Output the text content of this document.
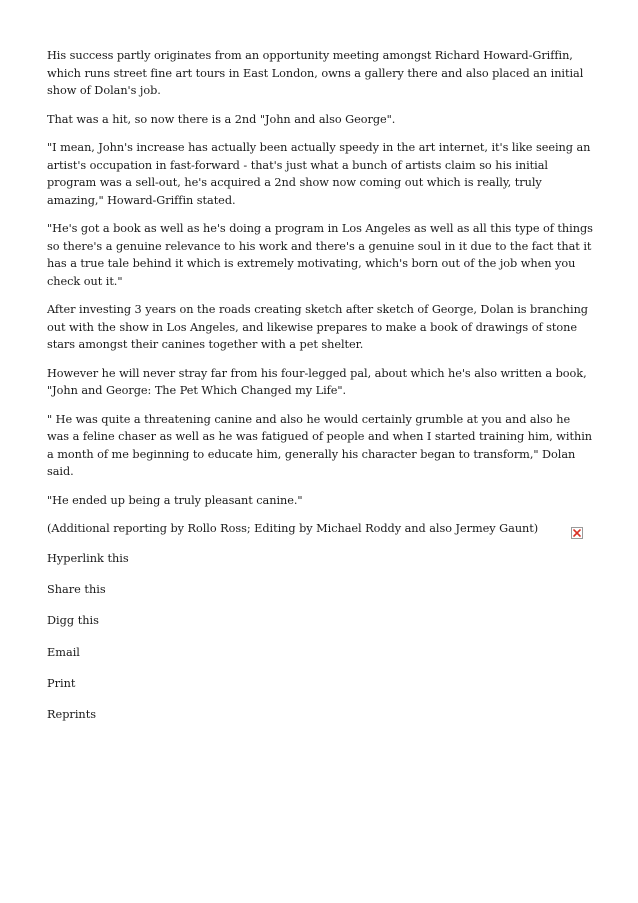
His success partly originates from an opportunity meeting amongst Richard Howard-Griffin, which runs street fine art tours in East London, owns a gallery there and also placed an initial show of Dolan's job.

That was a hit, so now there is a 2nd "John and also George".

"I mean, John's increase has actually been actually speedy in the art internet, it's like seeing an artist's occupation in fast-forward - that's just what a bunch of artists claim so his initial program was a sell-out, he's acquired a 2nd show now coming out which is really, truly amazing," Howard-Griffin stated.

"He's got a book as well as he's doing a program in Los Angeles as well as all this type of things so there's a genuine relevance to his work and there's a genuine soul in it due to the fact that it has a true tale behind it which is extremely motivating, which's born out of the job when you check out it."

After investing 3 years on the roads creating sketch after sketch of George, Dolan is branching out with the show in Los Angeles, and likewise prepares to make a book of drawings of stone stars amongst their canines together with a pet shelter.

However he will never stray far from his four-legged pal, about which he's also written a book, "John and George: The Pet Which Changed my Life".

" He was quite a threatening canine and also he would certainly grumble at you and also he was a feline chaser as well as he was fatigued of people and when I started training him, within a month of me beginning to educate him, generally his character began to transform," Dolan said.

"He ended up being a truly pleasant canine."

(Additional reporting by Rollo Ross; Editing by Michael Roddy and also Jermey Gaunt)

Hyperlink this
Share this
Digg this
Email
Print
Reprints
